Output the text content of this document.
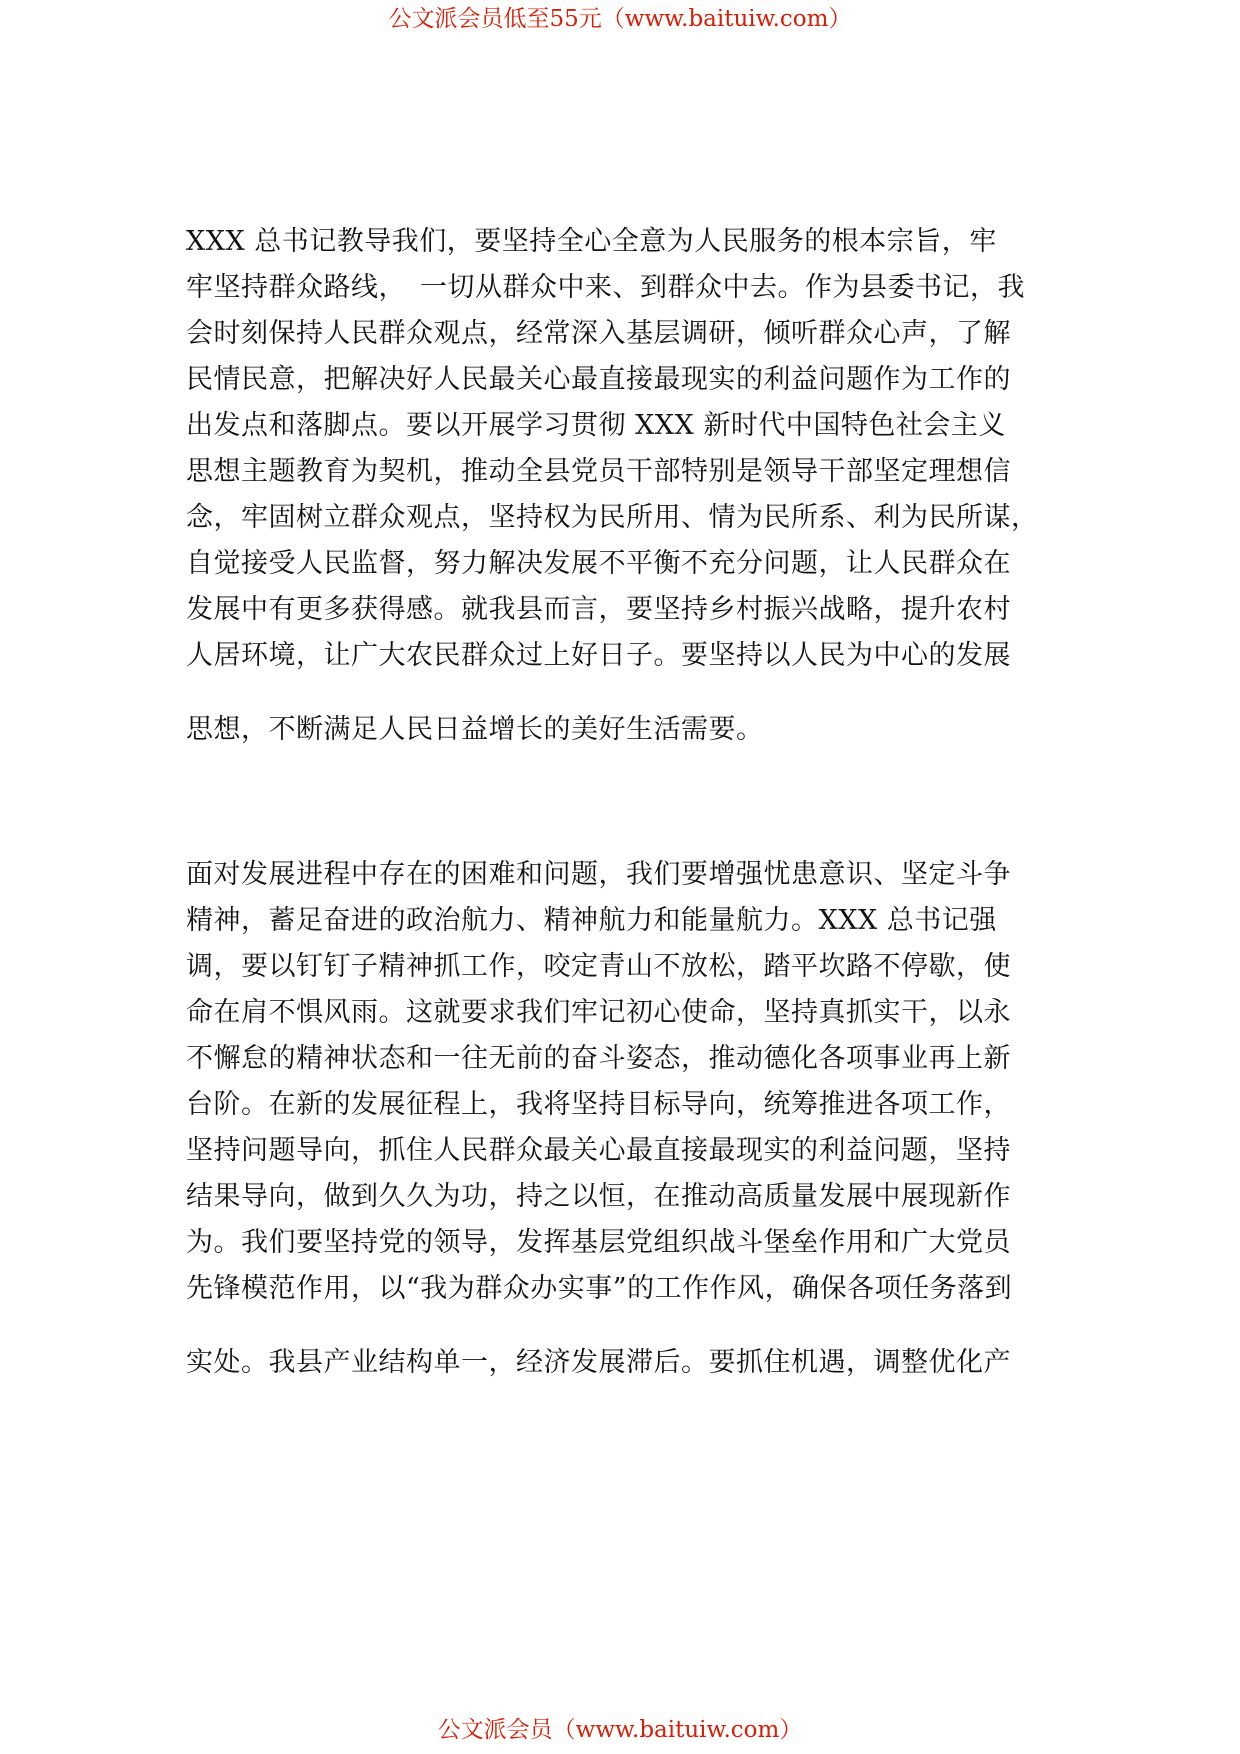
公文派会员低至55元（www.baituiw.com）
XXX 总书记教导我们，要坚持全心全意为人民服务的根本宗旨，牢
牢坚持群众路线，　一切从群众中来、到群众中去。作为县委书记，我
会时刻保持人民群众观点，经常深入基层调研，倾听群众心声，了解
民情民意，把解决好人民最关心最直接最现实的利益问题作为工作的
出发点和落脚点。要以开展学习贯彻 XXX 新时代中国特色社会主义
思想主题教育为契机，推动全县党员干部特别是领导干部坚定理想信
念，牢固树立群众观点，坚持权为民所用、情为民所系、利为民所谋，
自觉接受人民监督，努力解决发展不平衡不充分问题，让人民群众在
发展中有更多获得感。就我县而言，要坚持乡村振兴战略，提升农村
人居环境，让广大农民群众过上好日子。要坚持以人民为中心的发展
思想，不断满足人民日益增长的美好生活需要。
面对发展进程中存在的困难和问题，我们要增强忧患意识、坚定斗争
精神，蓄足奋进的政治航力、精神航力和能量航力。XXX 总书记强
调，要以钉钉子精神抓工作，咬定青山不放松，踏平坎路不停歇，使
命在肩不惧风雨。这就要求我们牢记初心使命，坚持真抓实干，以永
不懈怠的精神状态和一往无前的奋斗姿态，推动德化各项事业再上新
台阶。在新的发展征程上，我将坚持目标导向，统筹推进各项工作，
坚持问题导向，抓住人民群众最关心最直接最现实的利益问题，坚持
结果导向，做到久久为功，持之以恒，在推动高质量发展中展现新作
为。我们要坚持党的领导，发挥基层党组织战斗堡垒作用和广大党员
先锋模范作用，以“我为群众办实事”的工作作风，确保各项任务落到
实处。我县产业结构单一，经济发展滞后。要抓住机遇，调整优化产
公文派会员（www.baituiw.com）
